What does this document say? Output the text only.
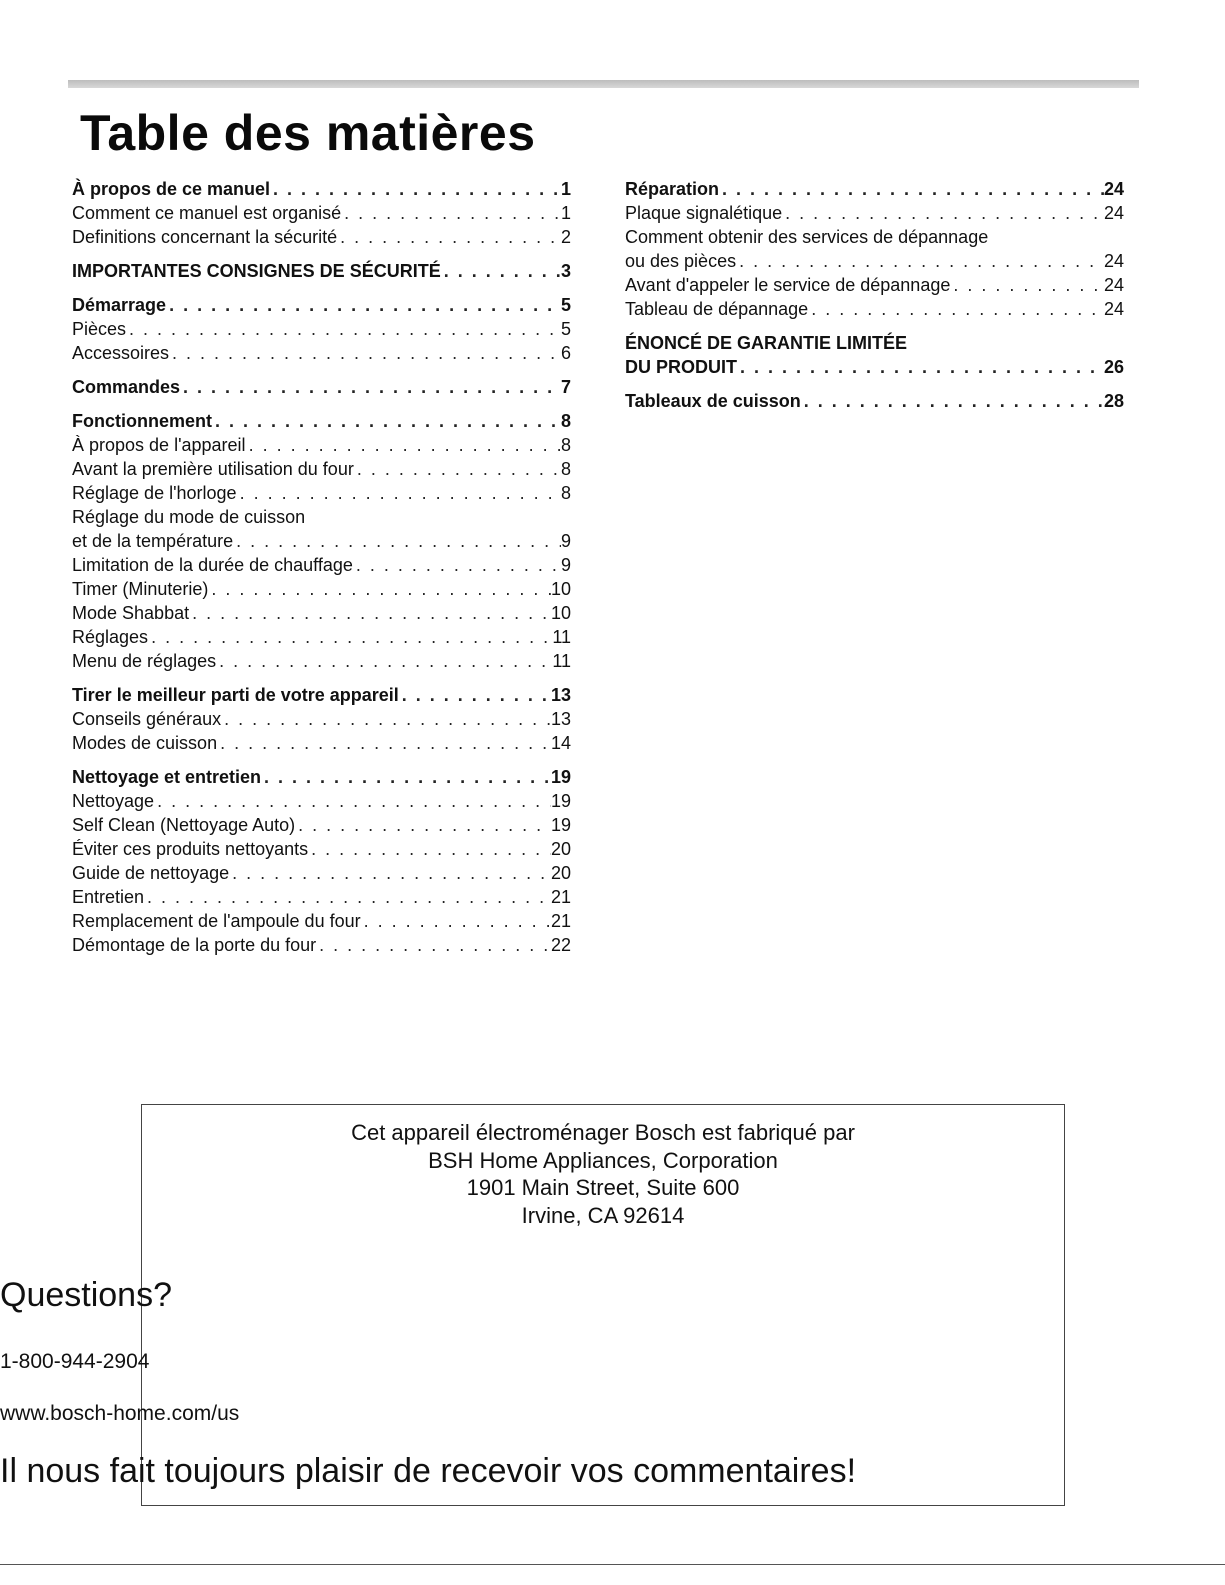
Table des matières
À propos de ce manuel . . .	1
Comment ce manuel est organisé . . .	1
Definitions concernant la sécurité . . .	2
IMPORTANTES CONSIGNES DE SÉCURITÉ . . .	3
Démarrage . . .	5
Pièces . . .	5
Accessoires . . .	6
Commandes . . .	7
Fonctionnement . . .	8
À propos de l'appareil . . .	8
Avant la première utilisation du four . . .	8
Réglage de l'horloge . . .	8
Réglage du mode de cuisson
et de la température . . .	9
Limitation de la durée de chauffage . . .	9
Timer (Minuterie) . . .	10
Mode Shabbat . . .	10
Réglages . . .	11
Menu de réglages . . .	11
Tirer le meilleur parti de votre appareil . . .	13
Conseils généraux . . .	13
Modes de cuisson . . .	14
Nettoyage et entretien . . .	19
Nettoyage . . .	19
Self Clean (Nettoyage Auto) . . .	19
Éviter ces produits nettoyants . . .	20
Guide de nettoyage . . .	20
Entretien . . .	21
Remplacement de l'ampoule du four . . .	21
Démontage de la porte du four . . .	22
Réparation . . .	24
Plaque signalétique . . .	24
Comment obtenir des services de dépannage
ou des pièces . . .	24
Avant d'appeler le service de dépannage . . .	24
Tableau de dépannage . . .	24
ÉNONCÉ DE GARANTIE LIMITÉE
DU PRODUIT . . .	26
Tableaux de cuisson . . .	28
Cet appareil électroménager Bosch est fabriqué par
BSH Home Appliances, Corporation
1901 Main Street, Suite 600
Irvine, CA 92614
Questions?
1-800-944-2904
www.bosch-home.com/us
Il nous fait toujours plaisir de recevoir vos commentaires!
